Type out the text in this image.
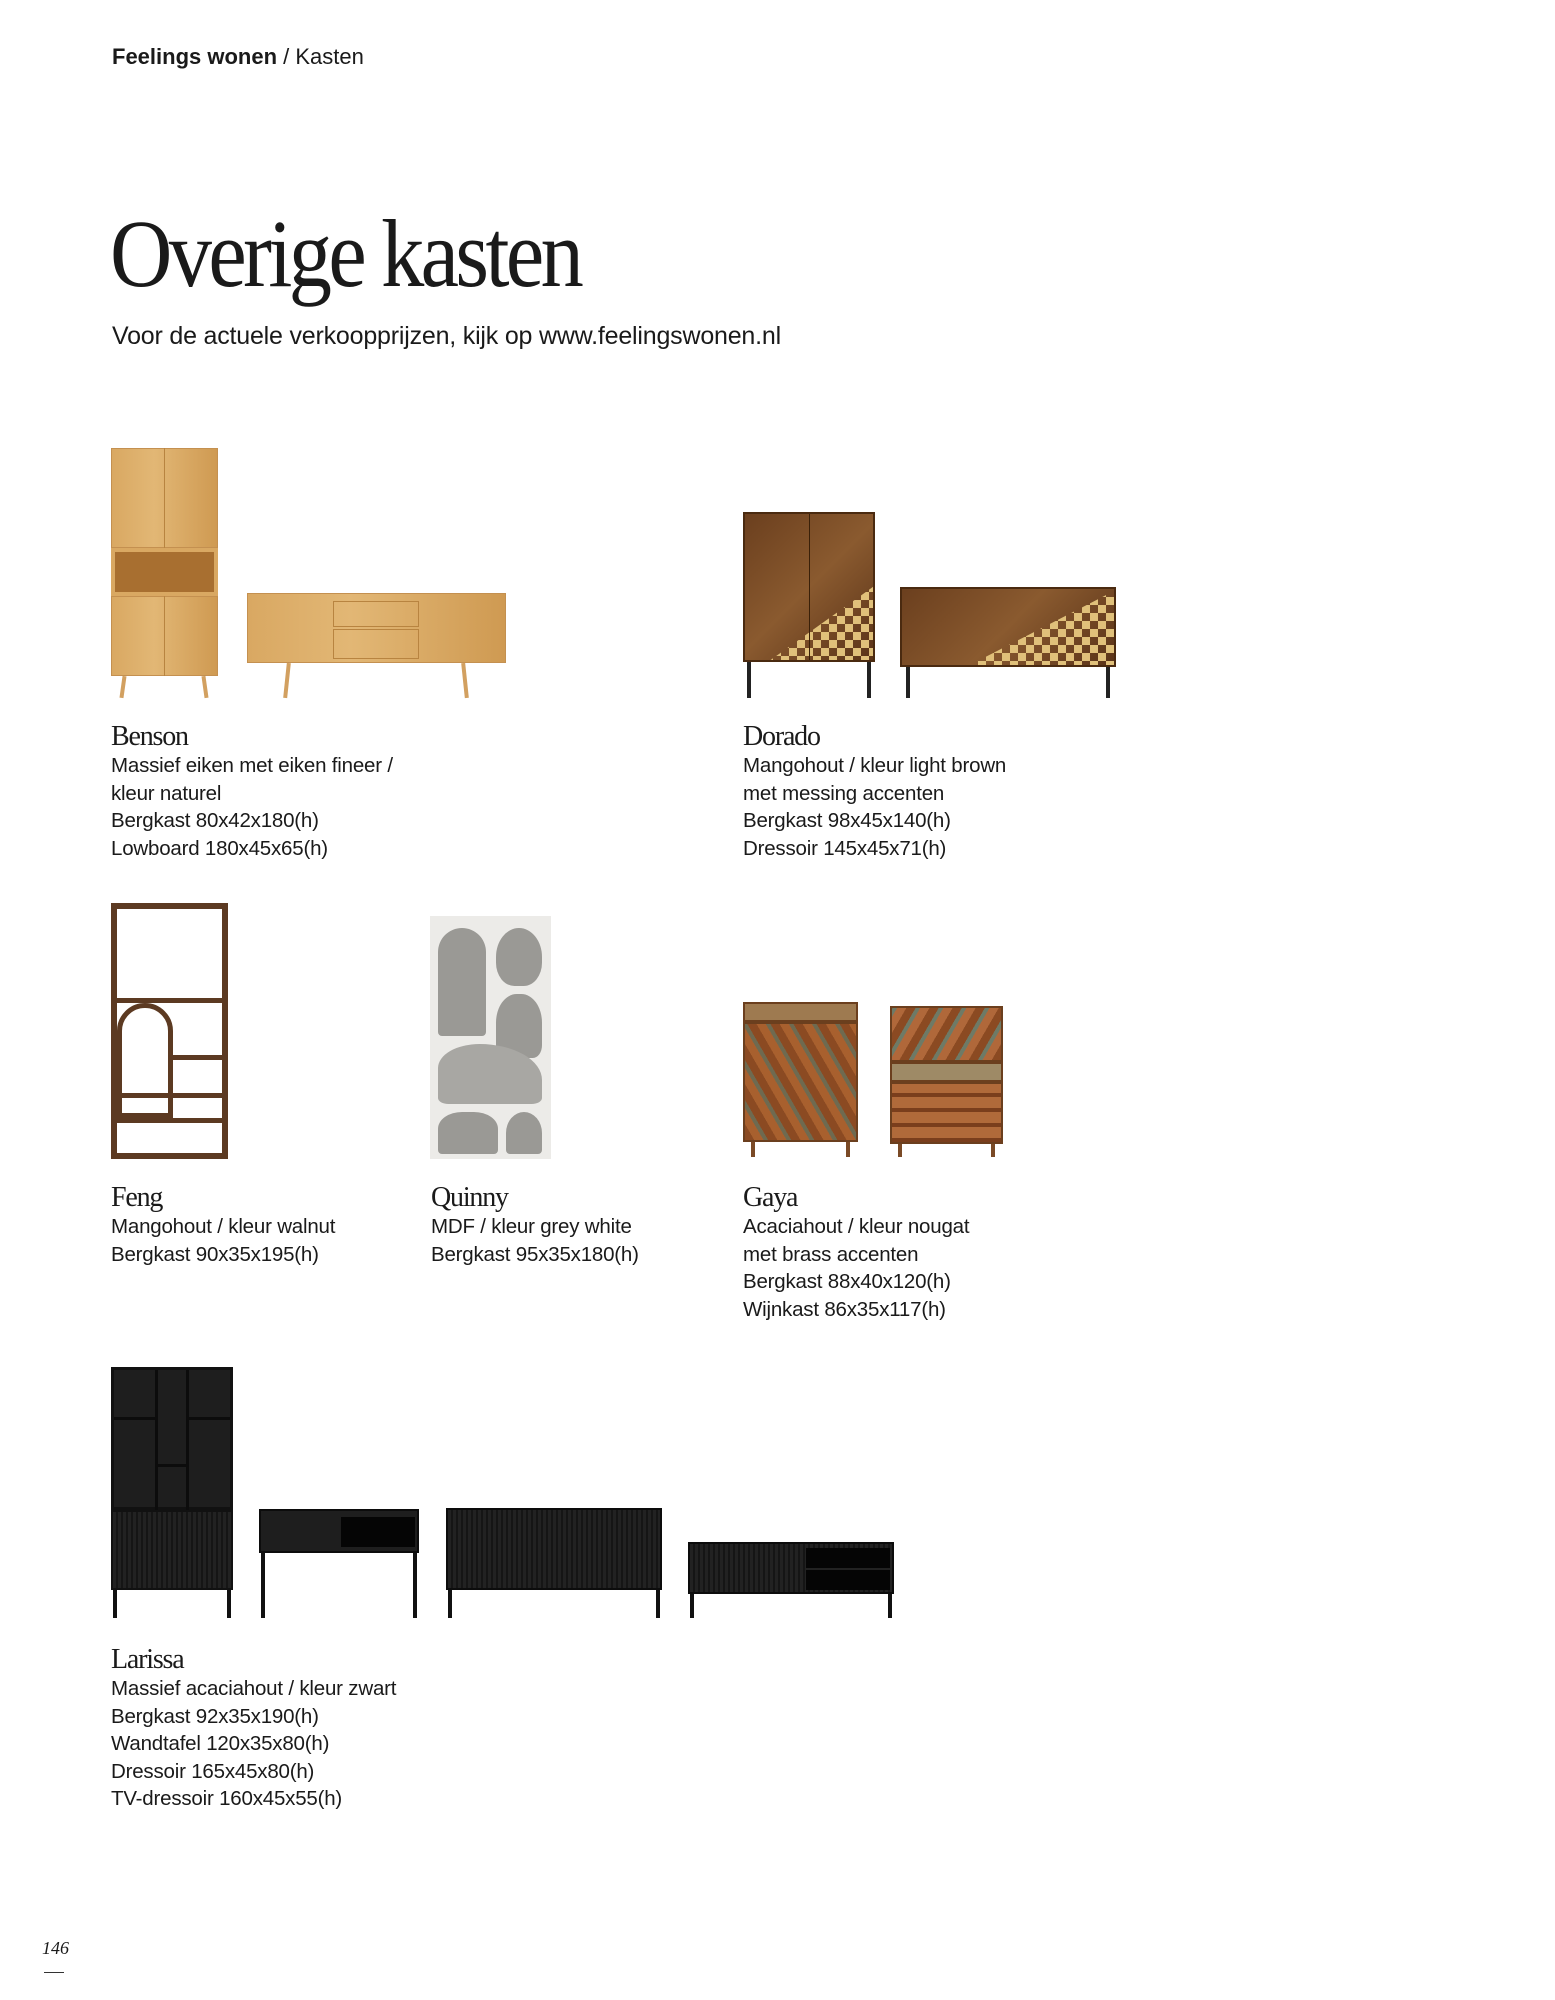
Feelings wonen / Kasten
Overige kasten
Voor de actuele verkoopprijzen, kijk op www.feelingswonen.nl
Benson
Massief eiken met eiken fineer /
kleur naturel
Bergkast 80x42x180(h)
Lowboard 180x45x65(h)
Dorado
Mangohout / kleur light brown
met messing accenten
Bergkast 98x45x140(h)
Dressoir 145x45x71(h)
Feng
Mangohout / kleur walnut
Bergkast 90x35x195(h)
Quinny
MDF / kleur grey white
Bergkast 95x35x180(h)
Gaya
Acaciahout / kleur nougat
met brass accenten
Bergkast 88x40x120(h)
Wijnkast 86x35x117(h)
Larissa
Massief acaciahout / kleur zwart
Bergkast 92x35x190(h)
Wandtafel 120x35x80(h)
Dressoir 165x45x80(h)
TV-dressoir 160x45x55(h)
146
